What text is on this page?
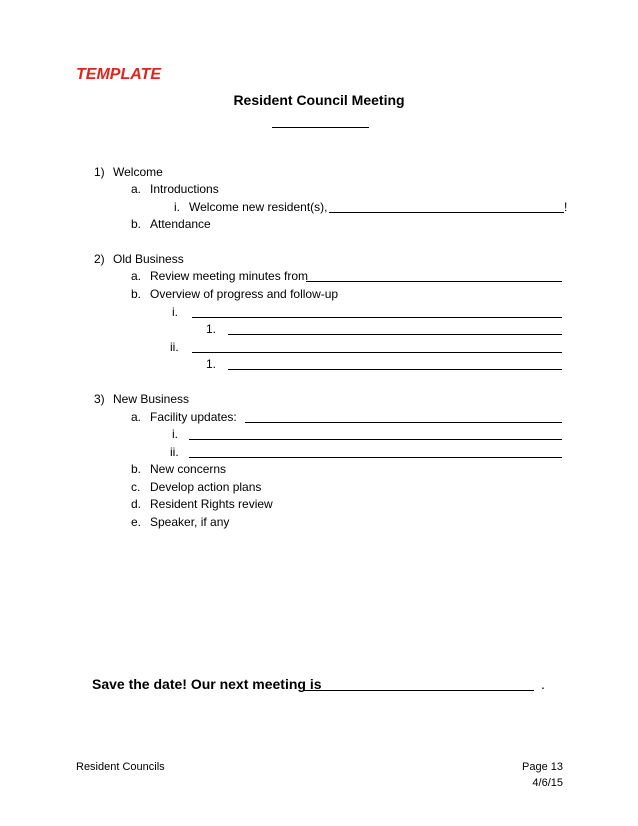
TEMPLATE
Resident Council Meeting
1) Welcome
a. Introductions
i. Welcome new resident(s),	!
b. Attendance
2) Old Business
a. Review meeting minutes from
b. Overview of progress and follow-up
i.
1.
ii.
1.
3) New Business
a. Facility updates:
i.
ii.
b. New concerns
c. Develop action plans
d. Resident Rights review
e. Speaker, if any
Save the date! Our next meeting is	.
Resident Councils	Page 13
4/6/15
